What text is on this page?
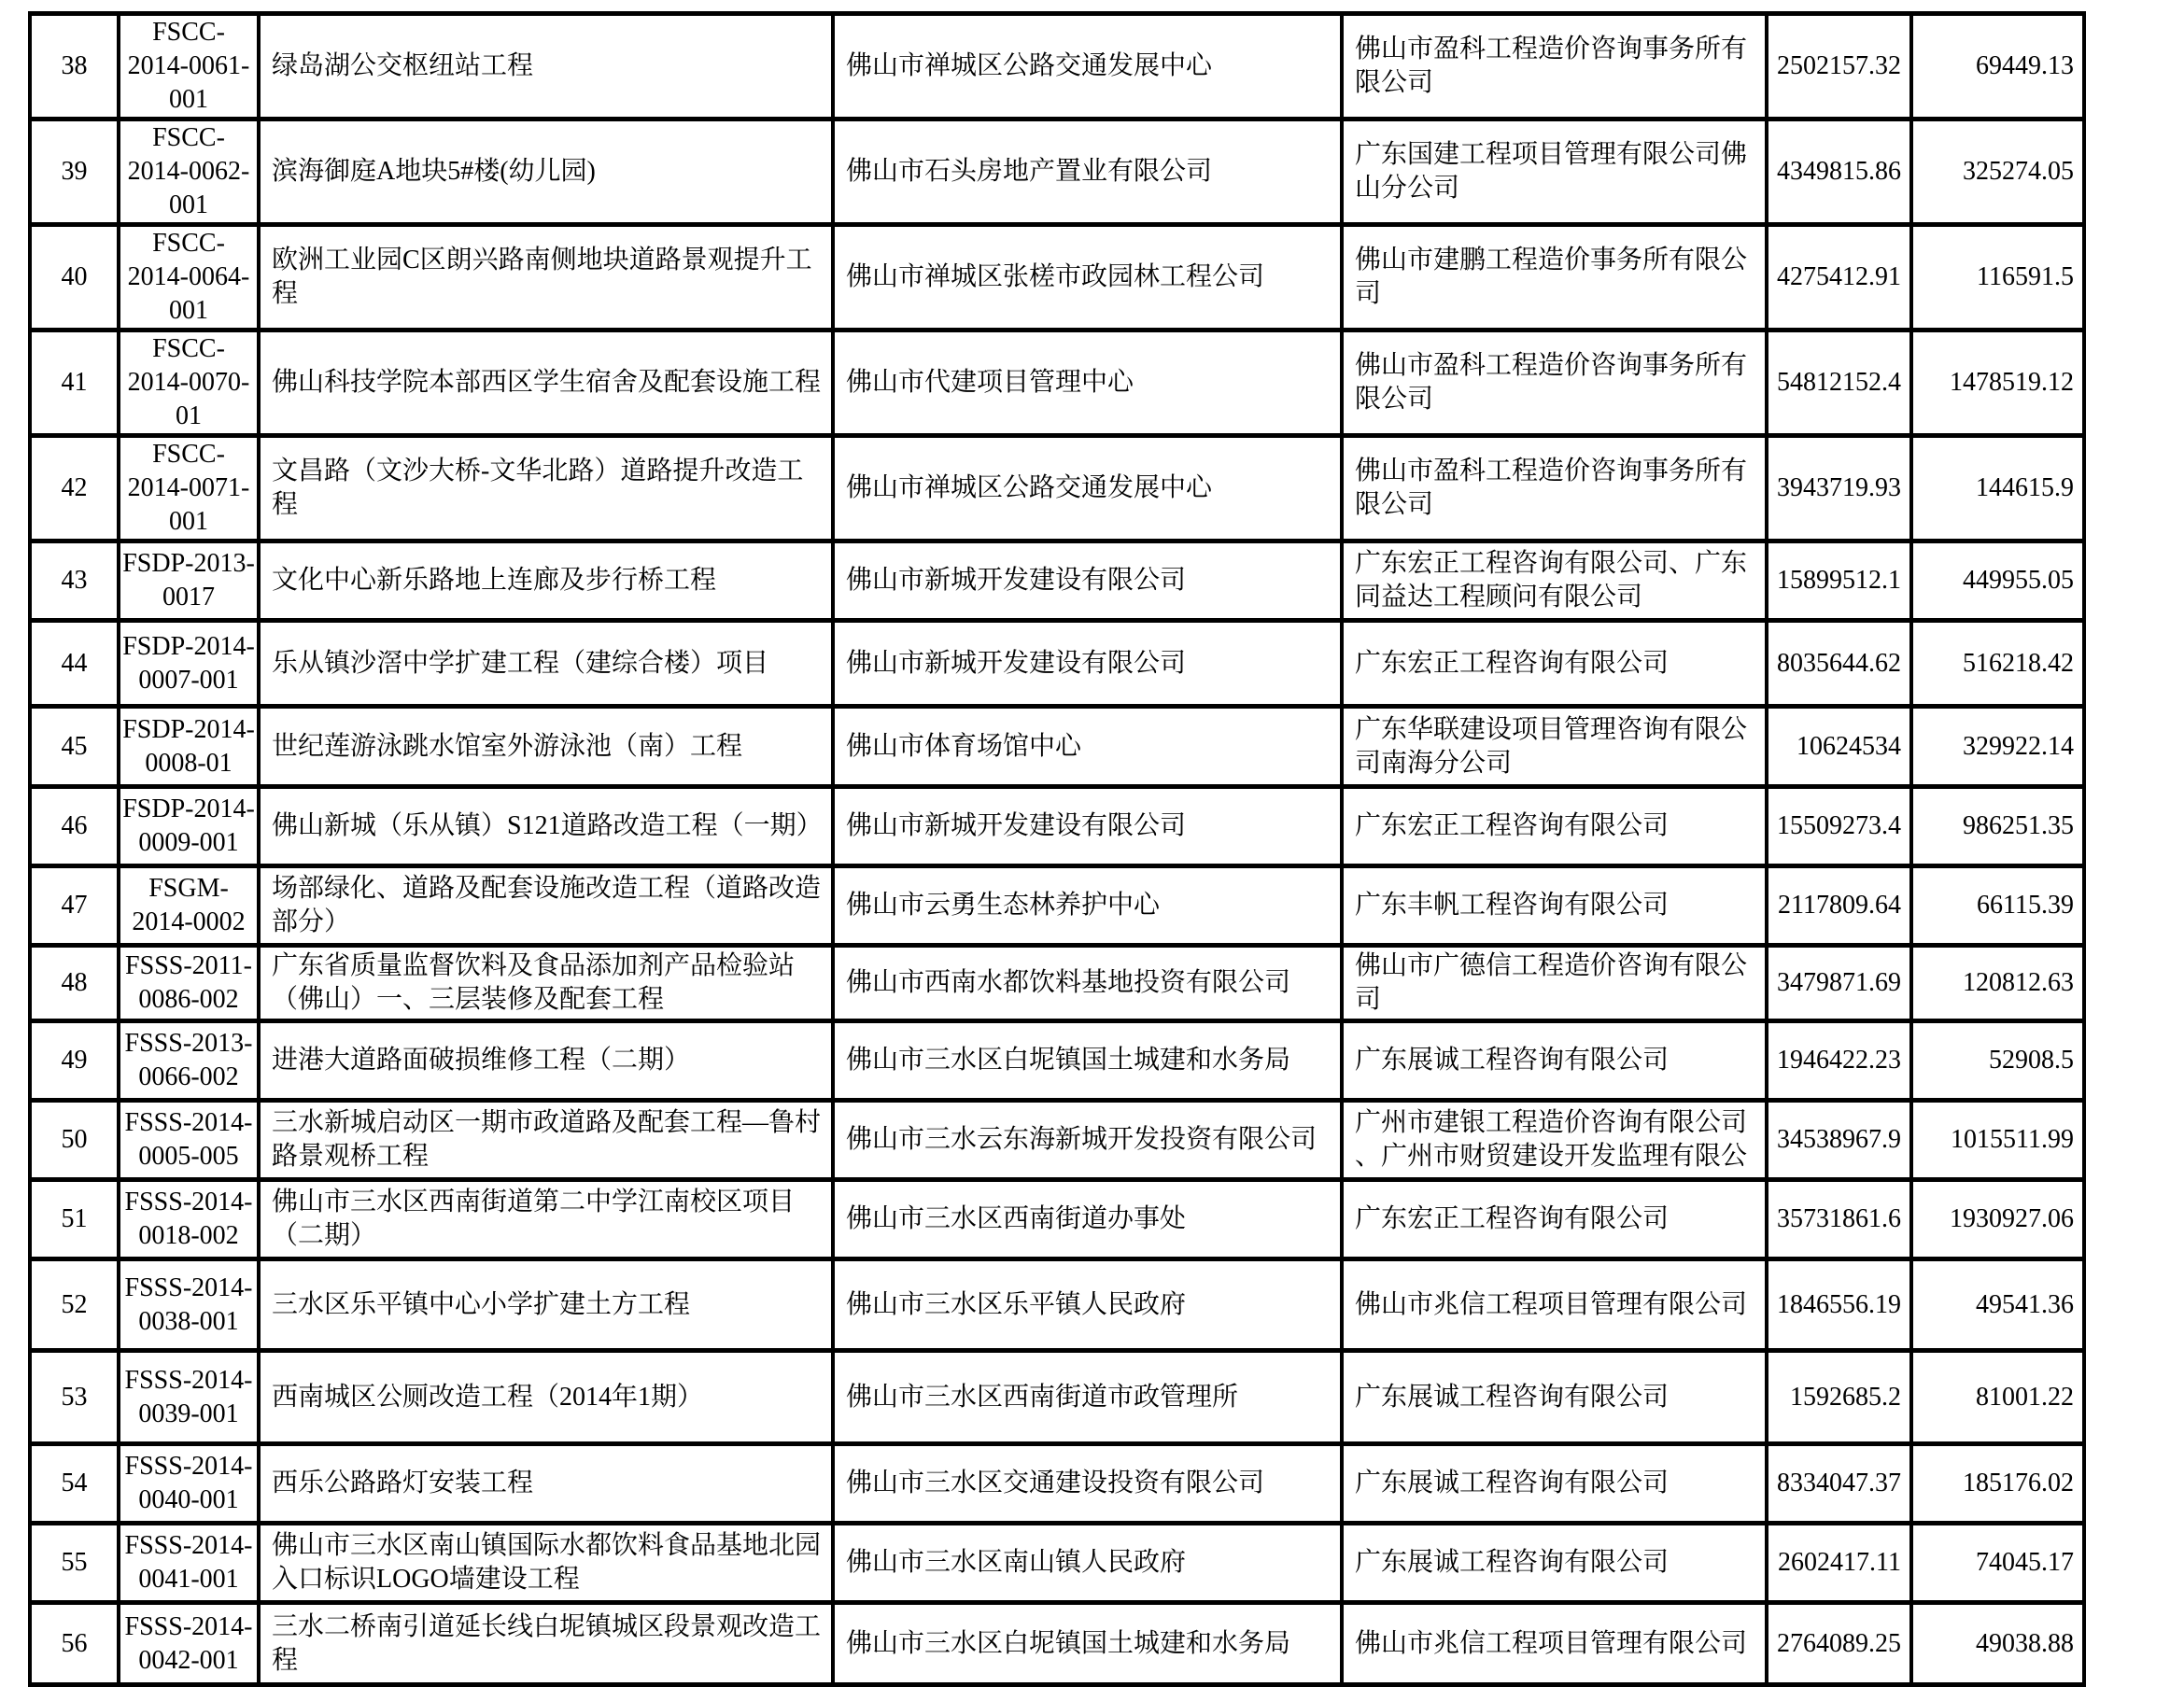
38	FSCC-2014-0061-001	绿岛湖公交枢纽站工程	佛山市禅城区公路交通发展中心	佛山市盈科工程造价咨询事务所有限公司	2502157.32	69449.13
39	FSCC-2014-0062-001	滨海御庭A地块5#楼(幼儿园)	佛山市石头房地产置业有限公司	广东国建工程项目管理有限公司佛山分公司	4349815.86	325274.05
40	FSCC-2014-0064-001	欧洲工业园C区朗兴路南侧地块道路景观提升工程	佛山市禅城区张槎市政园林工程公司	佛山市建鹏工程造价事务所有限公司	4275412.91	116591.5
41	FSCC-2014-0070-01	佛山科技学院本部西区学生宿舍及配套设施工程	佛山市代建项目管理中心	佛山市盈科工程造价咨询事务所有限公司	54812152.4	1478519.12
42	FSCC-2014-0071-001	文昌路（文沙大桥-文华北路）道路提升改造工程	佛山市禅城区公路交通发展中心	佛山市盈科工程造价咨询事务所有限公司	3943719.93	144615.9
43	FSDP-2013-0017	文化中心新乐路地上连廊及步行桥工程	佛山市新城开发建设有限公司	广东宏正工程咨询有限公司、广东同益达工程顾问有限公司	15899512.1	449955.05
44	FSDP-2014-0007-001	乐从镇沙滘中学扩建工程（建综合楼）项目	佛山市新城开发建设有限公司	广东宏正工程咨询有限公司	8035644.62	516218.42
45	FSDP-2014-0008-01	世纪莲游泳跳水馆室外游泳池（南）工程	佛山市体育场馆中心	广东华联建设项目管理咨询有限公司南海分公司	10624534	329922.14
46	FSDP-2014-0009-001	佛山新城（乐从镇）S121道路改造工程（一期）	佛山市新城开发建设有限公司	广东宏正工程咨询有限公司	15509273.4	986251.35
47	FSGM-2014-0002	场部绿化、道路及配套设施改造工程（道路改造部分）	佛山市云勇生态林养护中心	广东丰帆工程咨询有限公司	2117809.64	66115.39
48	FSSS-2011-0086-002	广东省质量监督饮料及食品添加剂产品检验站（佛山）一、三层装修及配套工程	佛山市西南水都饮料基地投资有限公司	佛山市广德信工程造价咨询有限公司	3479871.69	120812.63
49	FSSS-2013-0066-002	进港大道路面破损维修工程（二期）	佛山市三水区白坭镇国土城建和水务局	广东展诚工程咨询有限公司	1946422.23	52908.5
50	FSSS-2014-0005-005	三水新城启动区一期市政道路及配套工程—鲁村路景观桥工程	佛山市三水云东海新城开发投资有限公司	广州市建银工程造价咨询有限公司、广州市财贸建设开发监理有限公	34538967.9	1015511.99
51	FSSS-2014-0018-002	佛山市三水区西南街道第二中学江南校区项目（二期）	佛山市三水区西南街道办事处	广东宏正工程咨询有限公司	35731861.6	1930927.06
52	FSSS-2014-0038-001	三水区乐平镇中心小学扩建土方工程	佛山市三水区乐平镇人民政府	佛山市兆信工程项目管理有限公司	1846556.19	49541.36
53	FSSS-2014-0039-001	西南城区公厕改造工程（2014年1期）	佛山市三水区西南街道市政管理所	广东展诚工程咨询有限公司	1592685.2	81001.22
54	FSSS-2014-0040-001	西乐公路路灯安装工程	佛山市三水区交通建设投资有限公司	广东展诚工程咨询有限公司	8334047.37	185176.02
55	FSSS-2014-0041-001	佛山市三水区南山镇国际水都饮料食品基地北园入口标识LOGO墙建设工程	佛山市三水区南山镇人民政府	广东展诚工程咨询有限公司	2602417.11	74045.17
56	FSSS-2014-0042-001	三水二桥南引道延长线白坭镇城区段景观改造工程	佛山市三水区白坭镇国土城建和水务局	佛山市兆信工程项目管理有限公司	2764089.25	49038.88
